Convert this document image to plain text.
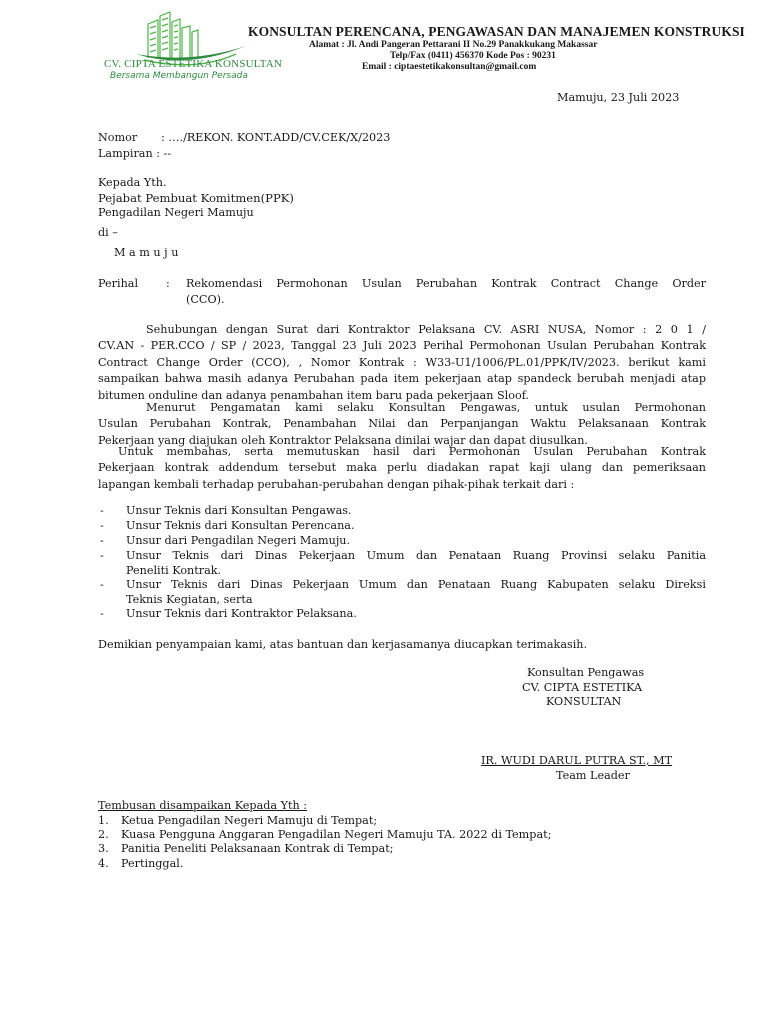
CV. CIPTA ESTETIKA KONSULTAN
Bersama Membangun Persada
KONSULTAN PERENCANA, PENGAWASAN DAN MANAJEMEN KONSTRUKSI
Alamat : Jl. Andi Pangeran Pettarani II No.29 Panakkukang Makassar
Telp/Fax (0411) 456370 Kode Pos : 90231
Email : ciptaestetikakonsultan@gmail.com
Mamuju, 23 Juli 2023
Nomor : …./REKON. KONT.ADD/CV.CEK/X/2023
Lampiran : --
Kepada Yth.
Pejabat Pembuat Komitmen(PPK)
Pengadilan Negeri Mamuju
di –
M a m u j u
Perihal : Rekomendasi Permohonan Usulan Perubahan Kontrak Contract Change Order
(CCO).
Sehubungan dengan Surat dari Kontraktor Pelaksana CV. ASRI NUSA, Nomor : 2 0 1 /
CV.AN - PER.CCO / SP / 2023, Tanggal 23 Juli 2023 Perihal Permohonan Usulan Perubahan Kontrak
Contract Change Order (CCO), , Nomor Kontrak : W33-U1/1006/PL.01/PPK/IV/2023. berikut kami
sampaikan bahwa masih adanya Perubahan pada item pekerjaan atap spandeck berubah menjadi atap
bitumen onduline dan adanya penambahan item baru pada pekerjaan Sloof.
Menurut Pengamatan kami selaku Konsultan Pengawas, untuk usulan Permohonan
Usulan Perubahan Kontrak, Penambahan Nilai dan Perpanjangan Waktu Pelaksanaan Kontrak
Pekerjaan yang diajukan oleh Kontraktor Pelaksana dinilai wajar dan dapat diusulkan.
Untuk membahas, serta memutuskan hasil dari Permohonan Usulan Perubahan Kontrak
Pekerjaan kontrak addendum tersebut maka perlu diadakan rapat kaji ulang dan pemeriksaan
lapangan kembali terhadap perubahan-perubahan dengan pihak-pihak terkait dari :
- Unsur Teknis dari Konsultan Pengawas.
- Unsur Teknis dari Konsultan Perencana.
- Unsur dari Pengadilan Negeri Mamuju.
- Unsur Teknis dari Dinas Pekerjaan Umum dan Penataan Ruang Provinsi selaku Panitia
Peneliti Kontrak.
- Unsur Teknis dari Dinas Pekerjaan Umum dan Penataan Ruang Kabupaten selaku Direksi
Teknis Kegiatan, serta
- Unsur Teknis dari Kontraktor Pelaksana.
Demikian penyampaian kami, atas bantuan dan kerjasamanya diucapkan terimakasih.
Konsultan Pengawas
CV. CIPTA ESTETIKA
KONSULTAN
IR. WUDI DARUL PUTRA ST., MT
Team Leader
Tembusan disampaikan Kepada Yth :
1. Ketua Pengadilan Negeri Mamuju di Tempat;
2. Kuasa Pengguna Anggaran Pengadilan Negeri Mamuju TA. 2022 di Tempat;
3. Panitia Peneliti Pelaksanaan Kontrak di Tempat;
4. Pertinggal.
